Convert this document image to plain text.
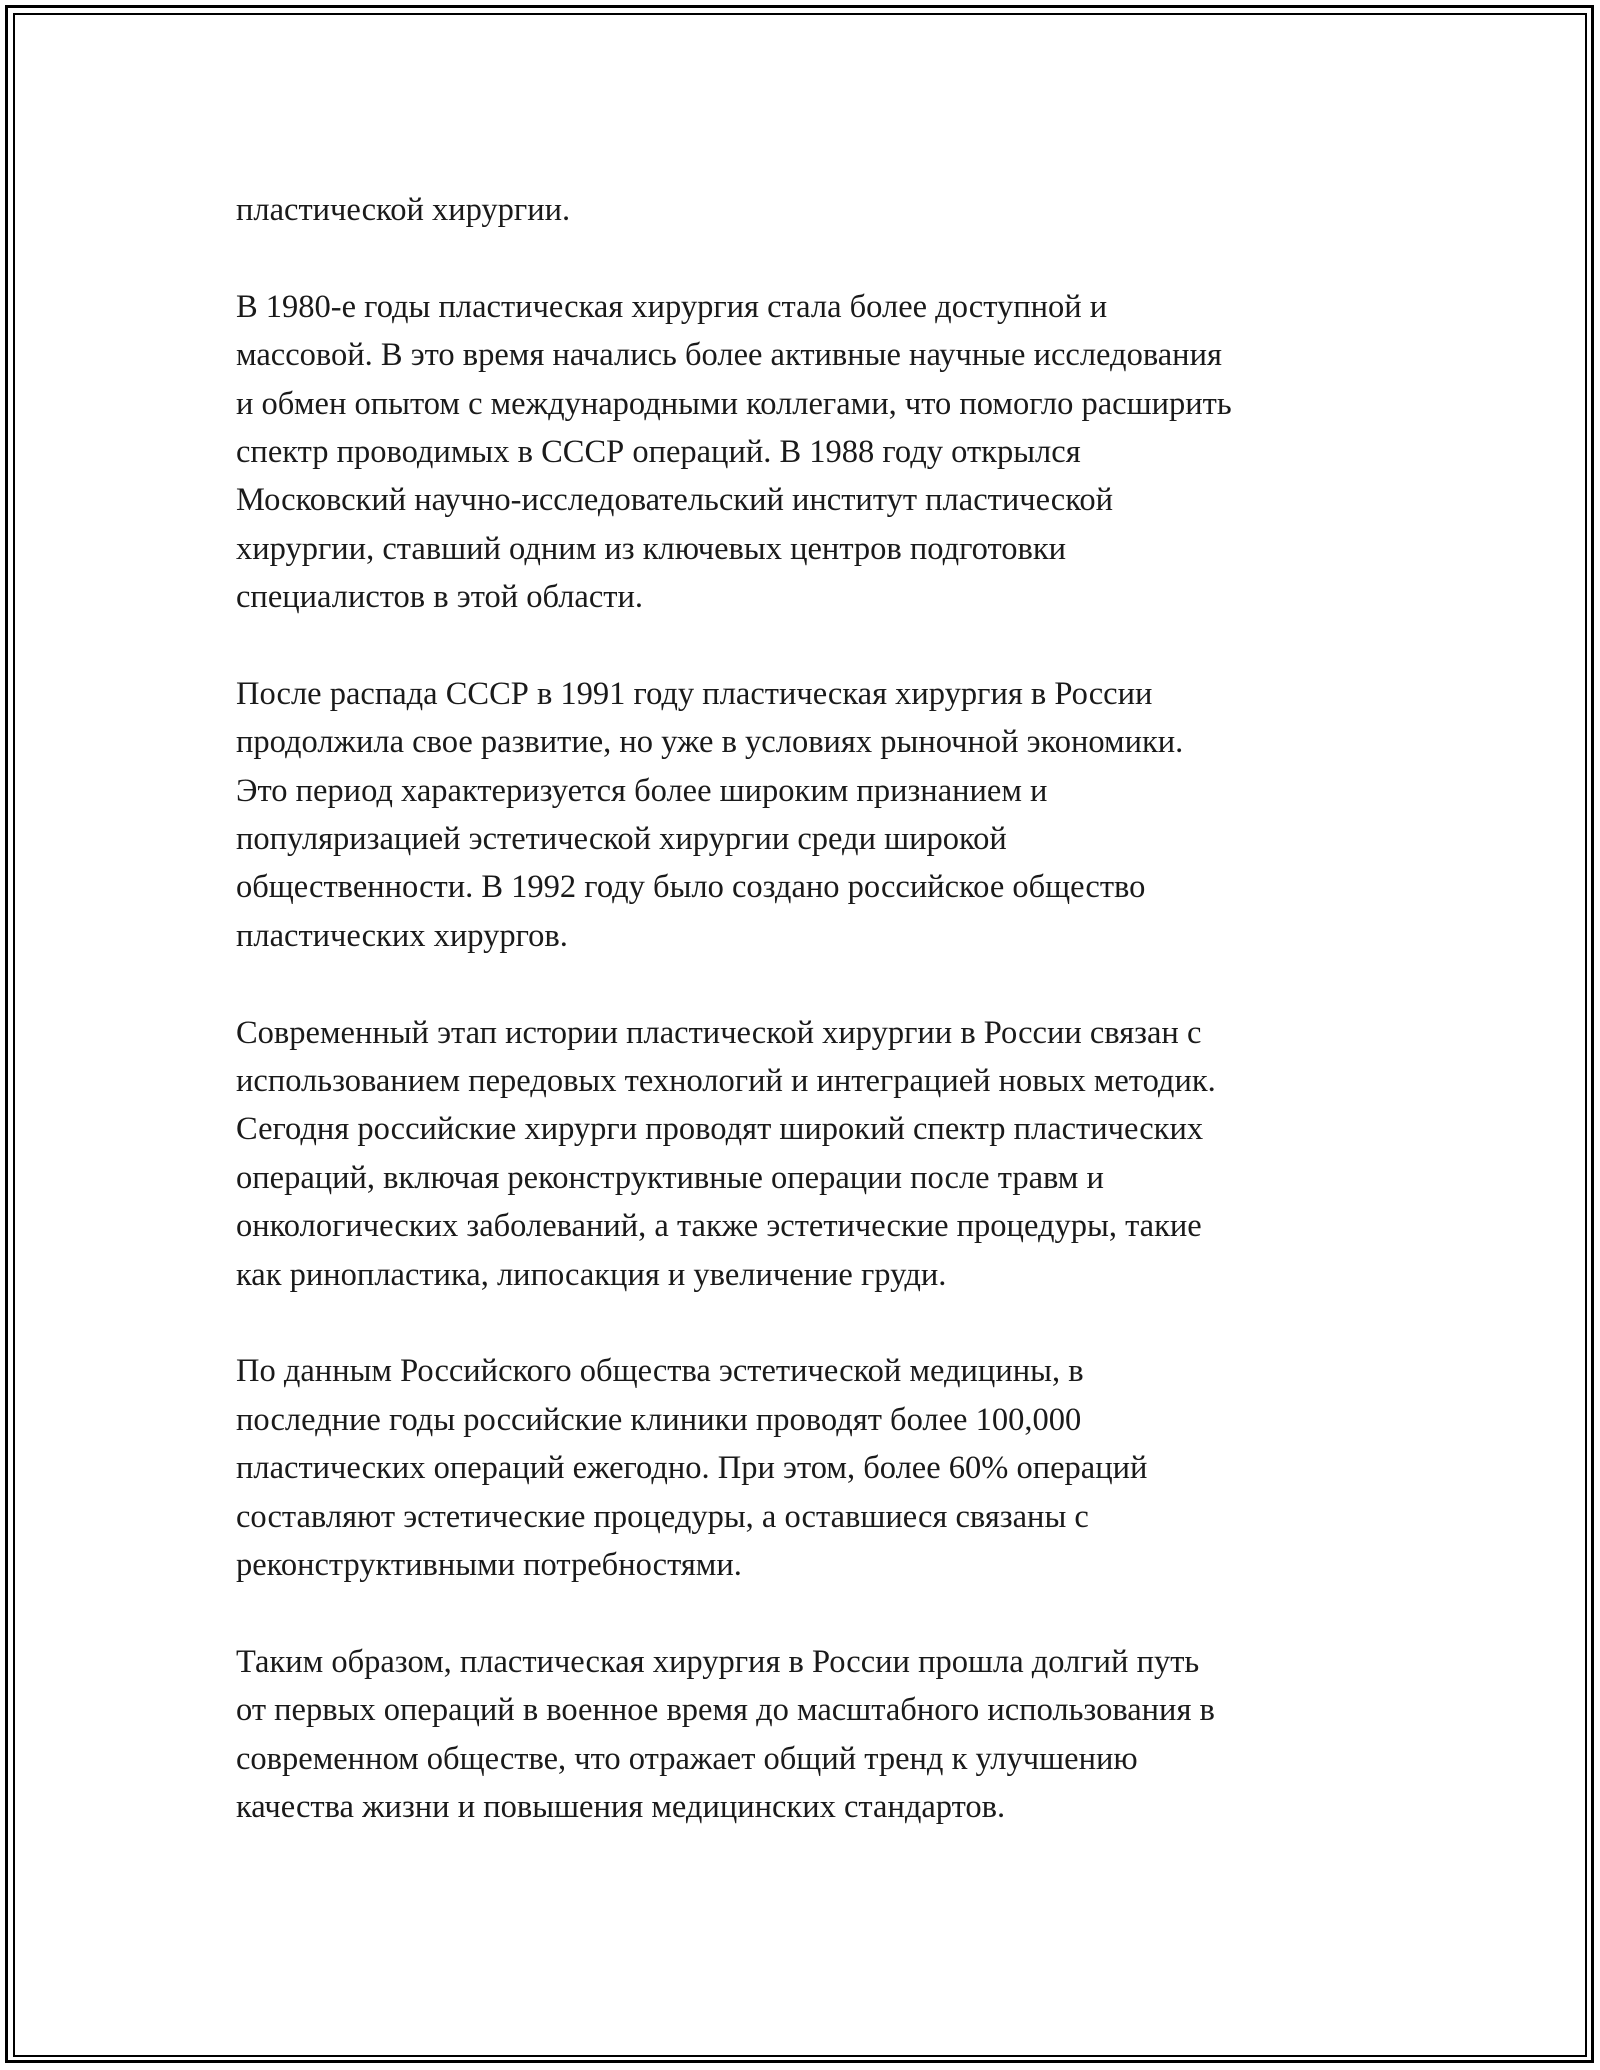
пластической хирургии.
В 1980-е годы пластическая хирургия стала более доступной и
массовой. В это время начались более активные научные исследования
и обмен опытом с международными коллегами, что помогло расширить
спектр проводимых в СССР операций. В 1988 году открылся
Московский научно-исследовательский институт пластической
хирургии, ставший одним из ключевых центров подготовки
специалистов в этой области.
После распада СССР в 1991 году пластическая хирургия в России
продолжила свое развитие, но уже в условиях рыночной экономики.
Это период характеризуется более широким признанием и
популяризацией эстетической хирургии среди широкой
общественности. В 1992 году было создано российское общество
пластических хирургов.
Современный этап истории пластической хирургии в России связан с
использованием передовых технологий и интеграцией новых методик.
Сегодня российские хирурги проводят широкий спектр пластических
операций, включая реконструктивные операции после травм и
онкологических заболеваний, а также эстетические процедуры, такие
как ринопластика, липосакция и увеличение груди.
По данным Российского общества эстетической медицины, в
последние годы российские клиники проводят более 100,000
пластических операций ежегодно. При этом, более 60% операций
составляют эстетические процедуры, а оставшиеся связаны с
реконструктивными потребностями.
Таким образом, пластическая хирургия в России прошла долгий путь
от первых операций в военное время до масштабного использования в
современном обществе, что отражает общий тренд к улучшению
качества жизни и повышения медицинских стандартов.
